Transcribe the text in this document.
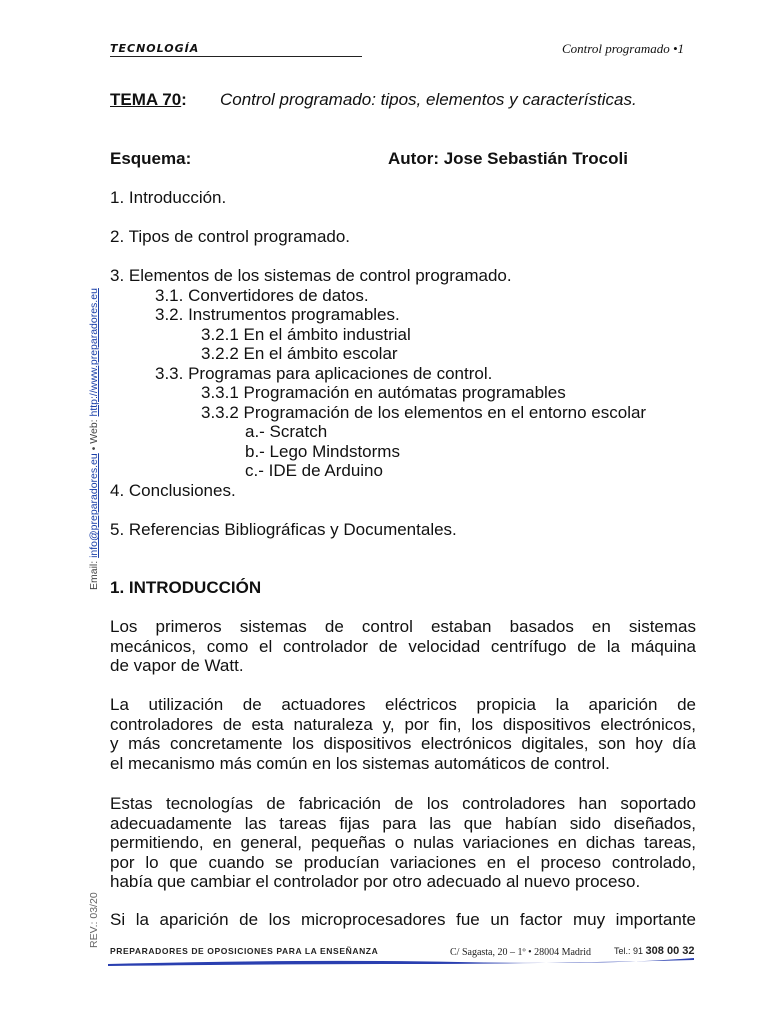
TECNOLOGÍA	Control programado •1
Email: info@preparadores.eu • Web: http://www.preparadores.eu
REV.: 03/20
TEMA 70: Control programado: tipos, elementos y características.
Esquema:	Autor: Jose Sebastián Trocoli
1. Introducción.
2. Tipos de control programado.
3. Elementos de los sistemas de control programado.
3.1. Convertidores de datos.
3.2. Instrumentos programables.
3.2.1 En el ámbito industrial
3.2.2 En el ámbito escolar
3.3. Programas para aplicaciones de control.
3.3.1 Programación en autómatas programables
3.3.2 Programación de los elementos en el entorno escolar
a.- Scratch
b.- Lego Mindstorms
c.- IDE de Arduino
4. Conclusiones.
5. Referencias Bibliográficas y Documentales.
1. INTRODUCCIÓN
Los primeros sistemas de control estaban basados en sistemas
mecánicos, como el controlador de velocidad centrífugo de la máquina
de vapor de Watt.
La utilización de actuadores eléctricos propicia la aparición de
controladores de esta naturaleza y, por fin, los dispositivos electrónicos,
y más concretamente los dispositivos electrónicos digitales, son hoy día
el mecanismo más común en los sistemas automáticos de control.
Estas tecnologías de fabricación de los controladores han soportado
adecuadamente las tareas fijas para las que habían sido diseñados,
permitiendo, en general, pequeñas o nulas variaciones en dichas tareas,
por lo que cuando se producían variaciones en el proceso controlado,
había que cambiar el controlador por otro adecuado al nuevo proceso.
Si la aparición de los microprocesadores fue un factor muy importante
PREPARADORES DE OPOSICIONES PARA LA ENSEÑANZA	C/ Sagasta, 20 – 1º • 28004 Madrid	Tel.: 91 308 00 32
